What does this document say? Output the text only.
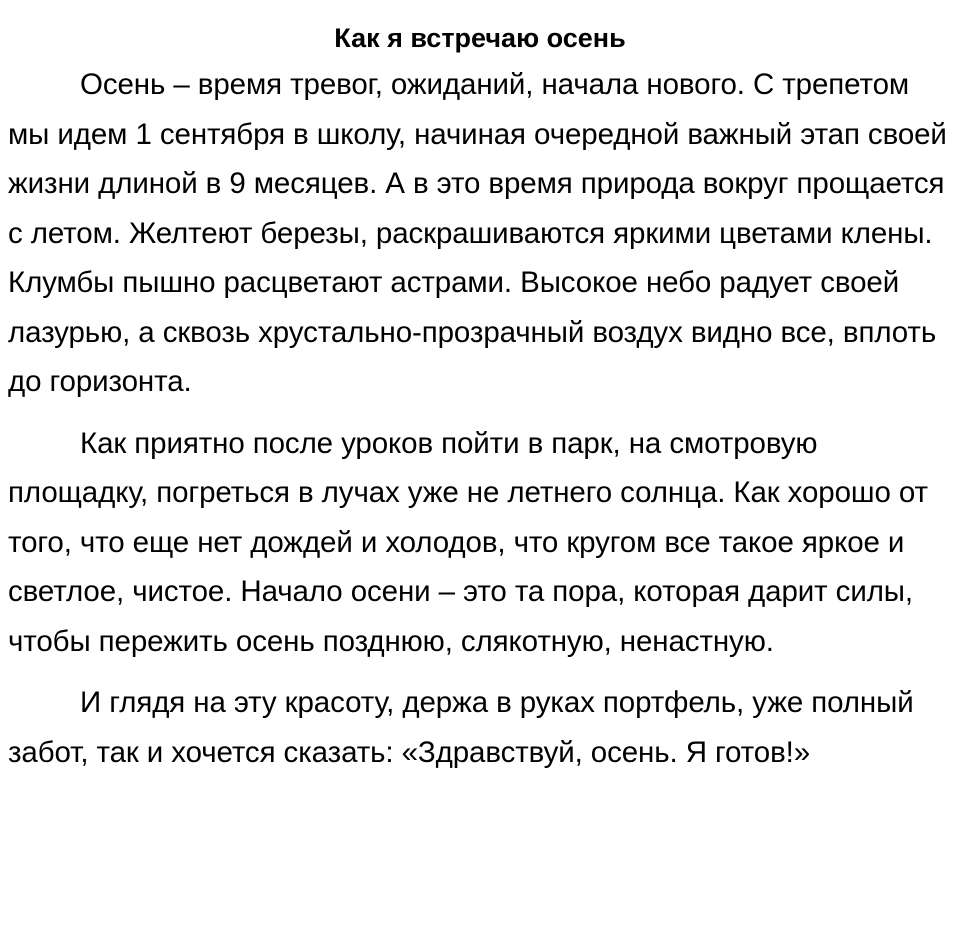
Как я встречаю осень

Осень – время тревог, ожиданий, начала нового. С трепетом мы идем 1 сентября в школу, начиная очередной важный этап своей жизни длиной в 9 месяцев. А в это время природа вокруг прощается с летом. Желтеют березы, раскрашиваются яркими цветами клены. Клумбы пышно расцветают астрами. Высокое небо радует своей лазурью, а сквозь хрустально-прозрачный воздух видно все, вплоть до горизонта.

Как приятно после уроков пойти в парк, на смотровую площадку, погреться в лучах уже не летнего солнца. Как хорошо от того, что еще нет дождей и холодов, что кругом все такое яркое и светлое, чистое. Начало осени – это та пора, которая дарит силы, чтобы пережить осень позднюю, слякотную, ненастную.

И глядя на эту красоту, держа в руках портфель, уже полный забот, так и хочется сказать: «Здравствуй, осень. Я готов!»
